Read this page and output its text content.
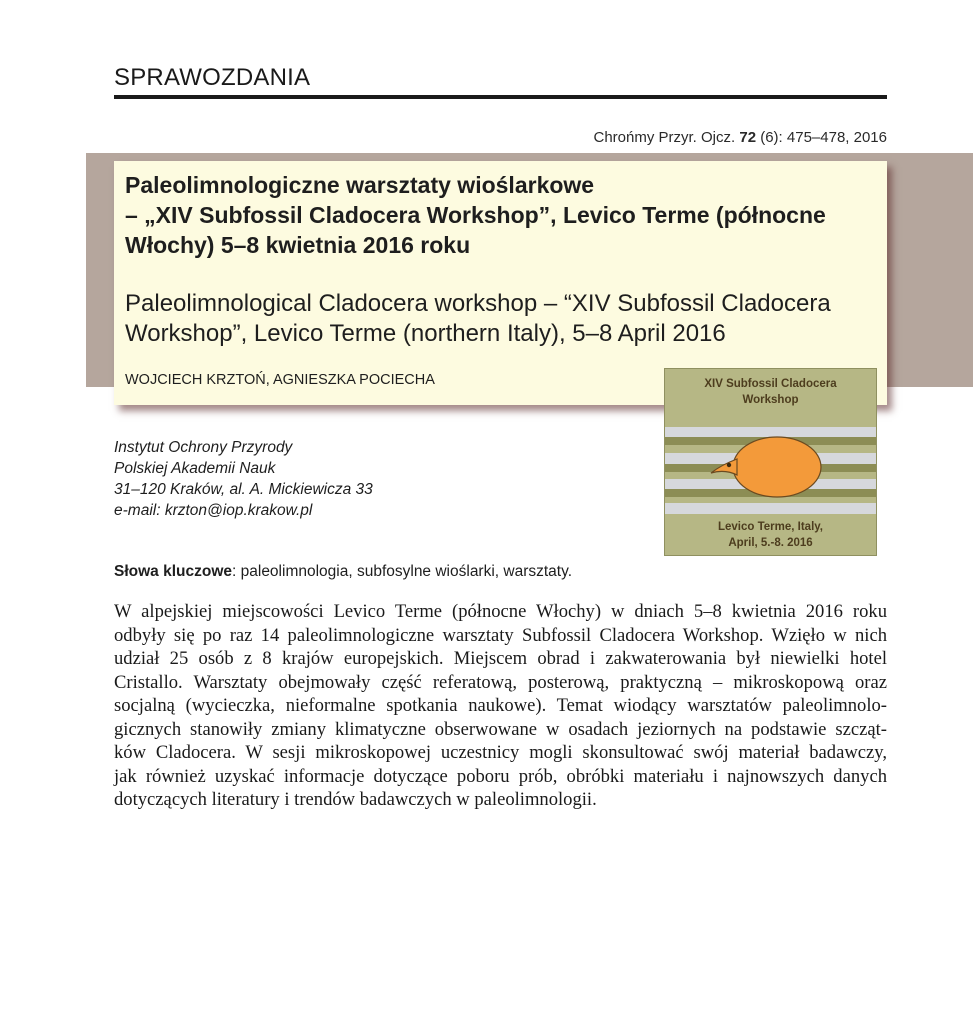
SPRAWOZDANIA
Chrońmy Przyr. Ojcz. 72 (6): 475–478, 2016
Paleolimnologiczne warsztaty wioślarkowe
– „XIV Subfossil Cladocera Workshop”, Levico Terme (północne
Włochy) 5–8 kwietnia 2016 roku
Paleolimnological Cladocera workshop – “XIV Subfossil Cladocera
Workshop”, Levico Terme (northern Italy), 5–8 April 2016
WOJCIECH KRZTOŃ, AGNIESZKA POCIECHA	XIV Subfossil Cladocera
Workshop
Levico Terme, Italy,
April, 5.-8. 2016
Instytut Ochrony Przyrody
Polskiej Akademii Nauk
31–120 Kraków, al. A. Mickiewicza 33
e-mail: krzton@iop.krakow.pl
Słowa kluczowe: paleolimnologia, subfosylne wioślarki, warsztaty.
W alpejskiej miejscowości Levico Terme (północne Włochy) w dniach 5–8 kwietnia 2016 roku
odbyły się po raz 14 paleolimnologiczne warsztaty Subfossil Cladocera Workshop. Wzięło w nich
udział 25 osób z 8 krajów europejskich. Miejscem obrad i zakwaterowania był niewielki hotel
Cristallo. Warsztaty obejmowały część referatową, posterową, praktyczną – mikroskopową oraz
socjalną (wycieczka, nieformalne spotkania naukowe). Temat wiodący warsztatów paleolimnolo-
gicznych stanowiły zmiany klimatyczne obserwowane w osadach jeziornych na podstawie szcząt-
ków Cladocera. W sesji mikroskopowej uczestnicy mogli skonsultować swój materiał badawczy,
jak również uzyskać informacje dotyczące poboru prób, obróbki materiału i najnowszych danych
dotyczących literatury i trendów badawczych w paleolimnologii.
